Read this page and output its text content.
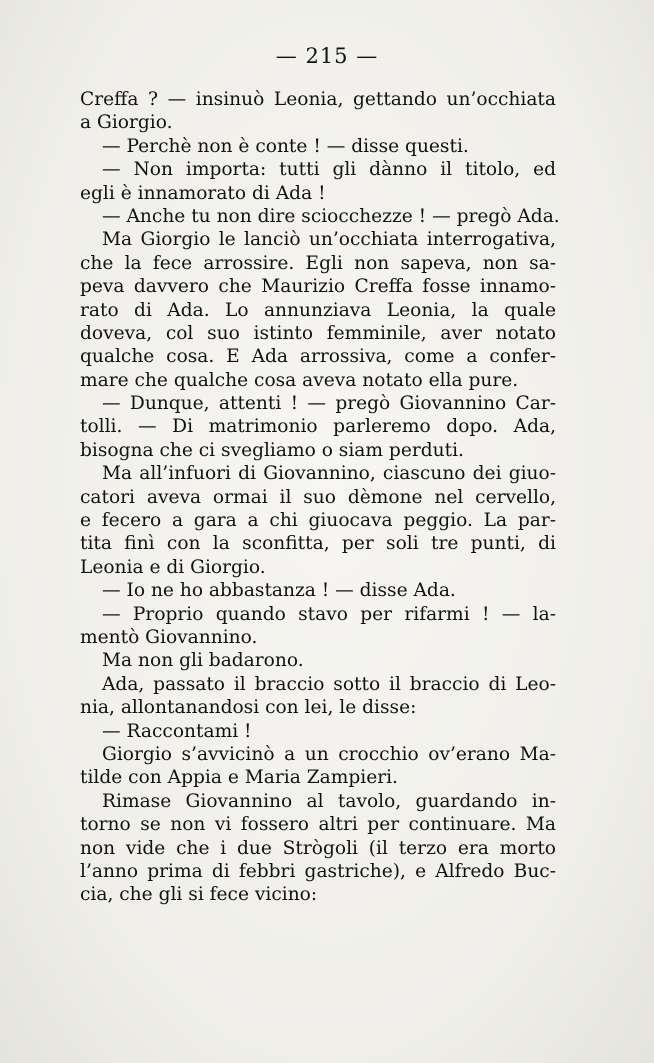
— 215 —
Creffa ? — insinuò Leonia, gettando un’occhiata
a Giorgio.
— Perchè non è conte ! — disse questi.
— Non importa: tutti gli dànno il titolo, ed
egli è innamorato di Ada !
— Anche tu non dire sciocchezze ! — pregò Ada.
Ma Giorgio le lanciò un’occhiata interrogativa,
che la fece arrossire. Egli non sapeva, non sa-
peva davvero che Maurizio Creffa fosse innamo-
rato di Ada. Lo annunziava Leonia, la quale
doveva, col suo istinto femminile, aver notato
qualche cosa. E Ada arrossiva, come a confer-
mare che qualche cosa aveva notato ella pure.
— Dunque, attenti ! — pregò Giovannino Car-
tolli. — Di matrimonio parleremo dopo. Ada,
bisogna che ci svegliamo o siam perduti.
Ma all’infuori di Giovannino, ciascuno dei giuo-
catori aveva ormai il suo dèmone nel cervello,
e fecero a gara a chi giuocava peggio. La par-
tita finì con la sconfitta, per soli tre punti, di
Leonia e di Giorgio.
— Io ne ho abbastanza ! — disse Ada.
— Proprio quando stavo per rifarmi ! — la-
mentò Giovannino.
Ma non gli badarono.
Ada, passato il braccio sotto il braccio di Leo-
nia, allontanandosi con lei, le disse:
— Raccontami !
Giorgio s’avvicinò a un crocchio ov’erano Ma-
tilde con Appia e Maria Zampieri.
Rimase Giovannino al tavolo, guardando in-
torno se non vi fossero altri per continuare. Ma
non vide che i due Strògoli (il terzo era morto
l’anno prima di febbri gastriche), e Alfredo Buc-
cia, che gli si fece vicino:
